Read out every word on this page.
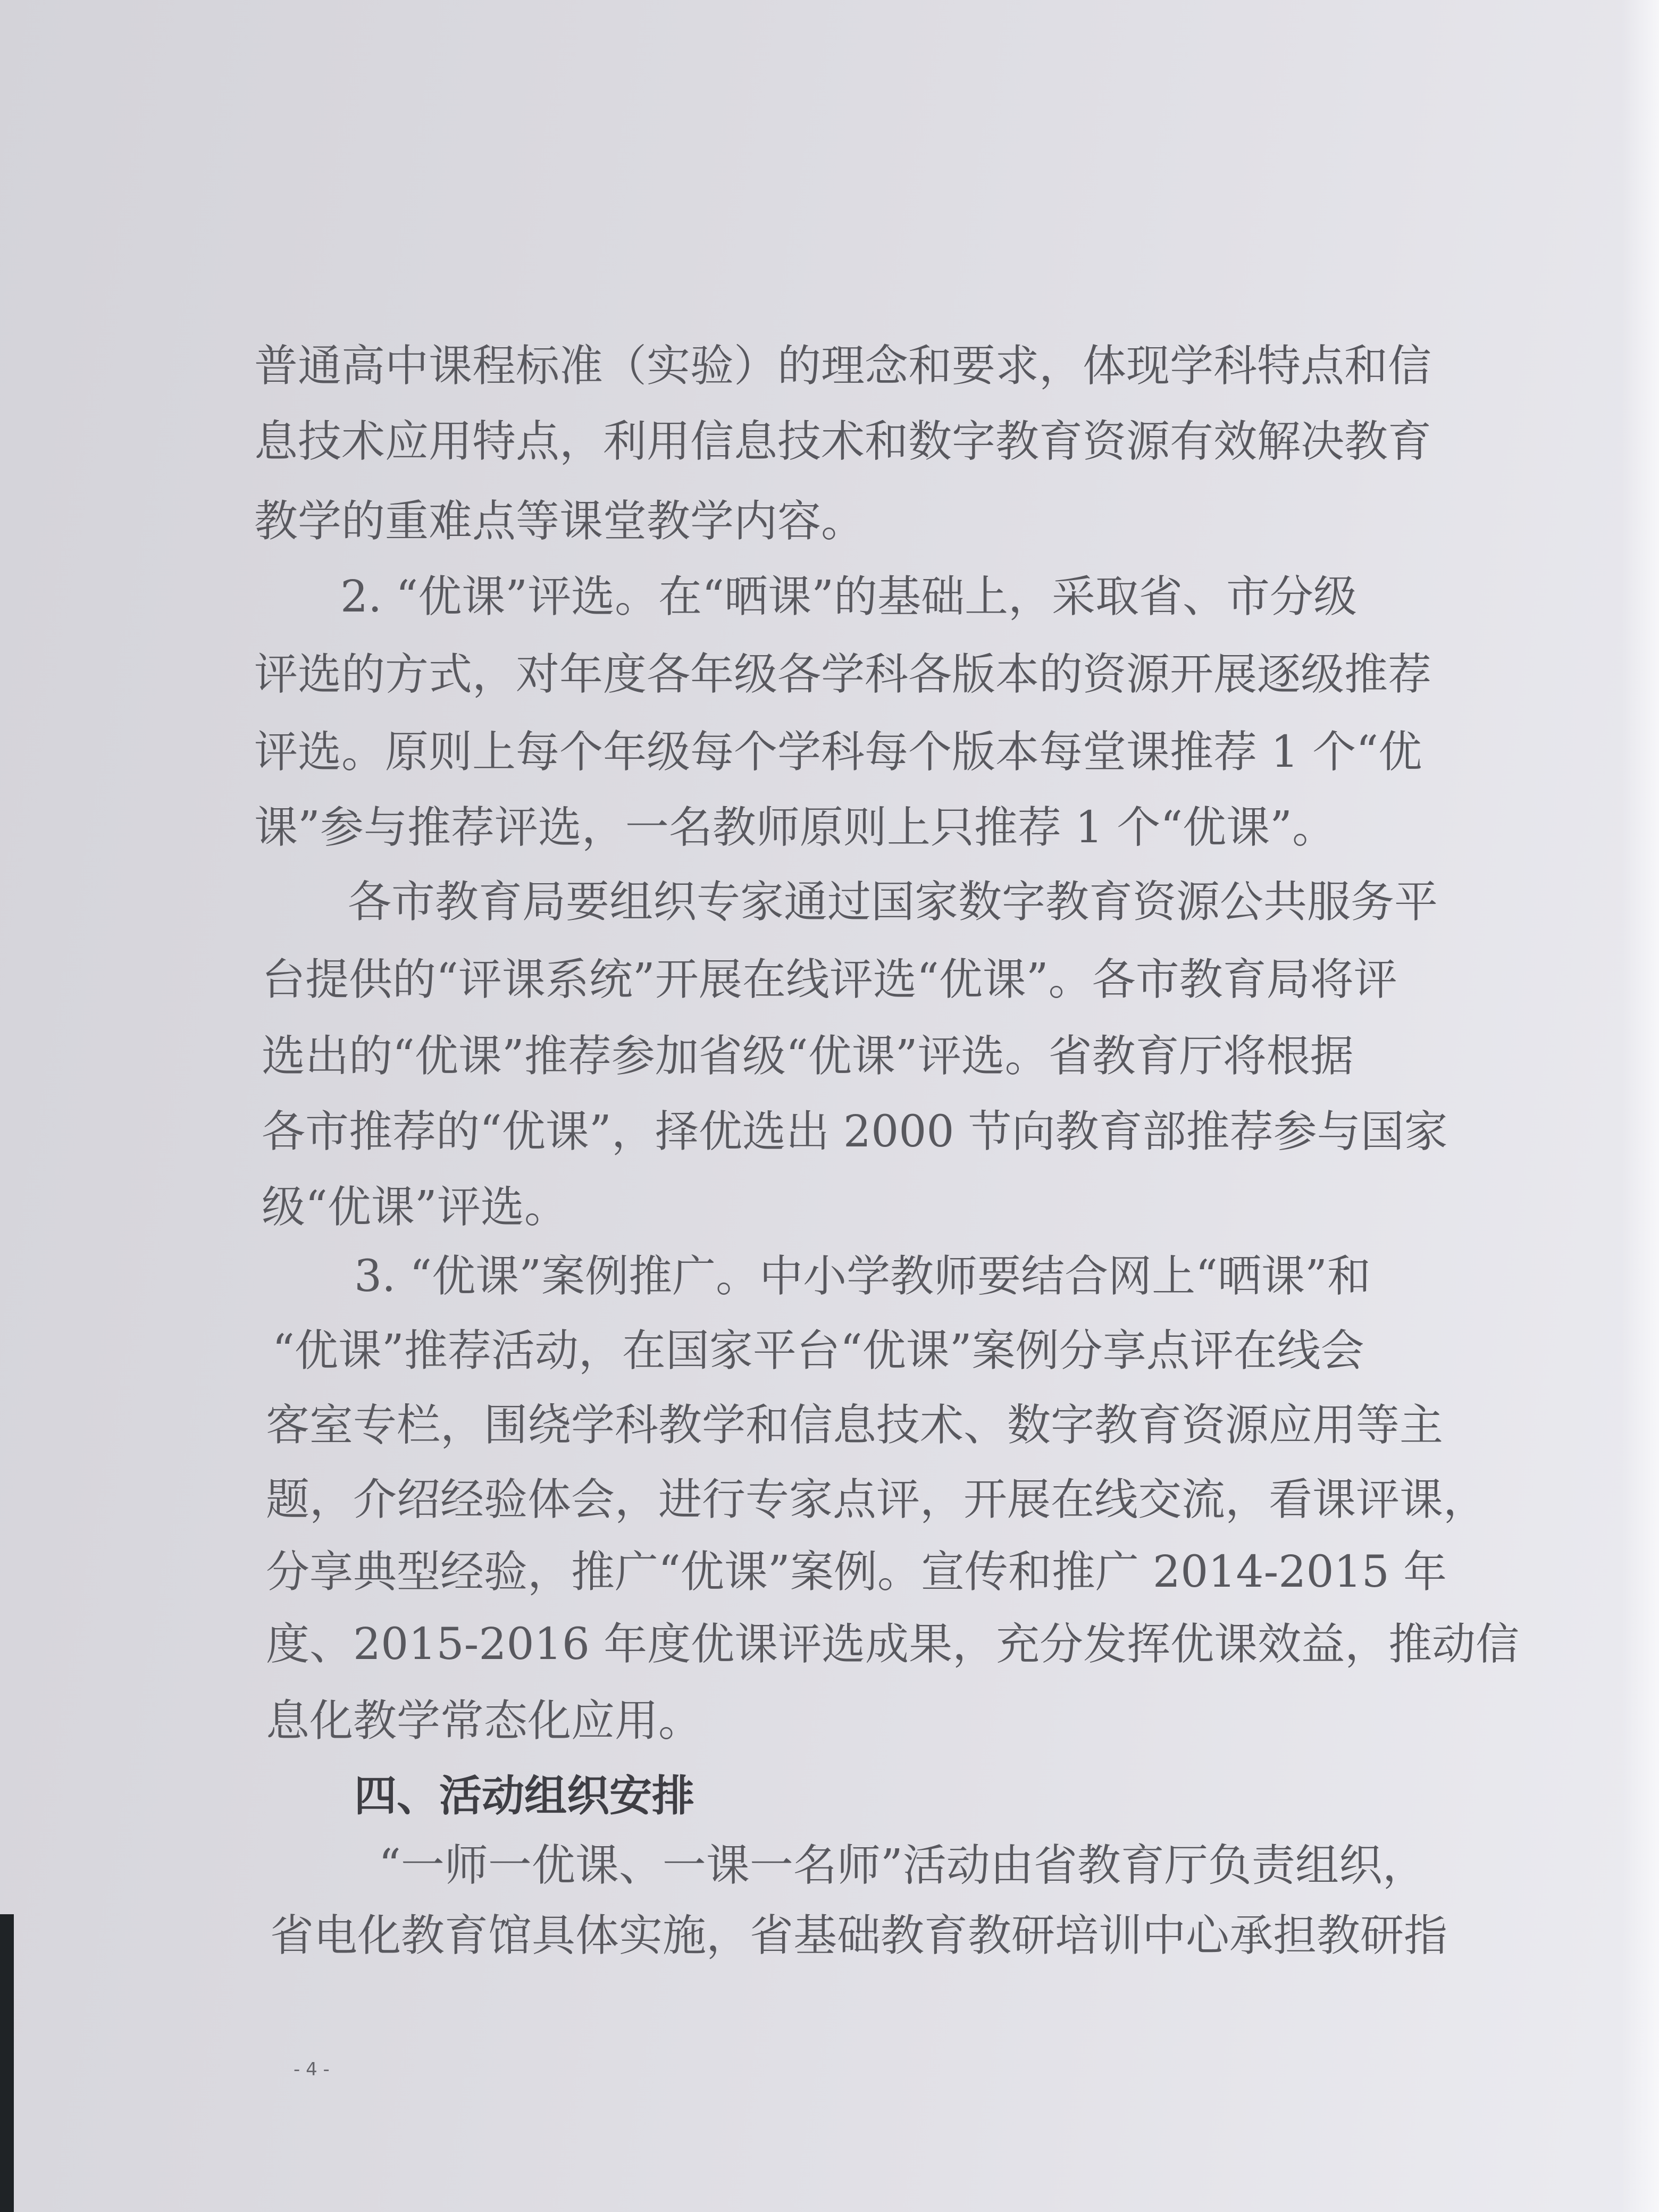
普通高中课程标准（实验）的理念和要求，体现学科特点和信

息技术应用特点，利用信息技术和数字教育资源有效解决教育

教学的重难点等课堂教学内容。

2. “优课”评选。在“晒课”的基础上，采取省、市分级

评选的方式，对年度各年级各学科各版本的资源开展逐级推荐

评选。原则上每个年级每个学科每个版本每堂课推荐 1 个“优

课”参与推荐评选，一名教师原则上只推荐 1 个“优课”。

各市教育局要组织专家通过国家数字教育资源公共服务平

台提供的“评课系统”开展在线评选“优课”。各市教育局将评

选出的“优课”推荐参加省级“优课”评选。省教育厅将根据

各市推荐的“优课”，择优选出 2000 节向教育部推荐参与国家

级“优课”评选。

3. “优课”案例推广。中小学教师要结合网上“晒课”和

“优课”推荐活动，在国家平台“优课”案例分享点评在线会

客室专栏，围绕学科教学和信息技术、数字教育资源应用等主

题，介绍经验体会，进行专家点评，开展在线交流，看课评课，

分享典型经验，推广“优课”案例。宣传和推广 2014-2015 年

度、2015-2016 年度优课评选成果，充分发挥优课效益，推动信

息化教学常态化应用。

四、活动组织安排

“一师一优课、一课一名师”活动由省教育厅负责组织，

省电化教育馆具体实施，省基础教育教研培训中心承担教研指

- 4 -
